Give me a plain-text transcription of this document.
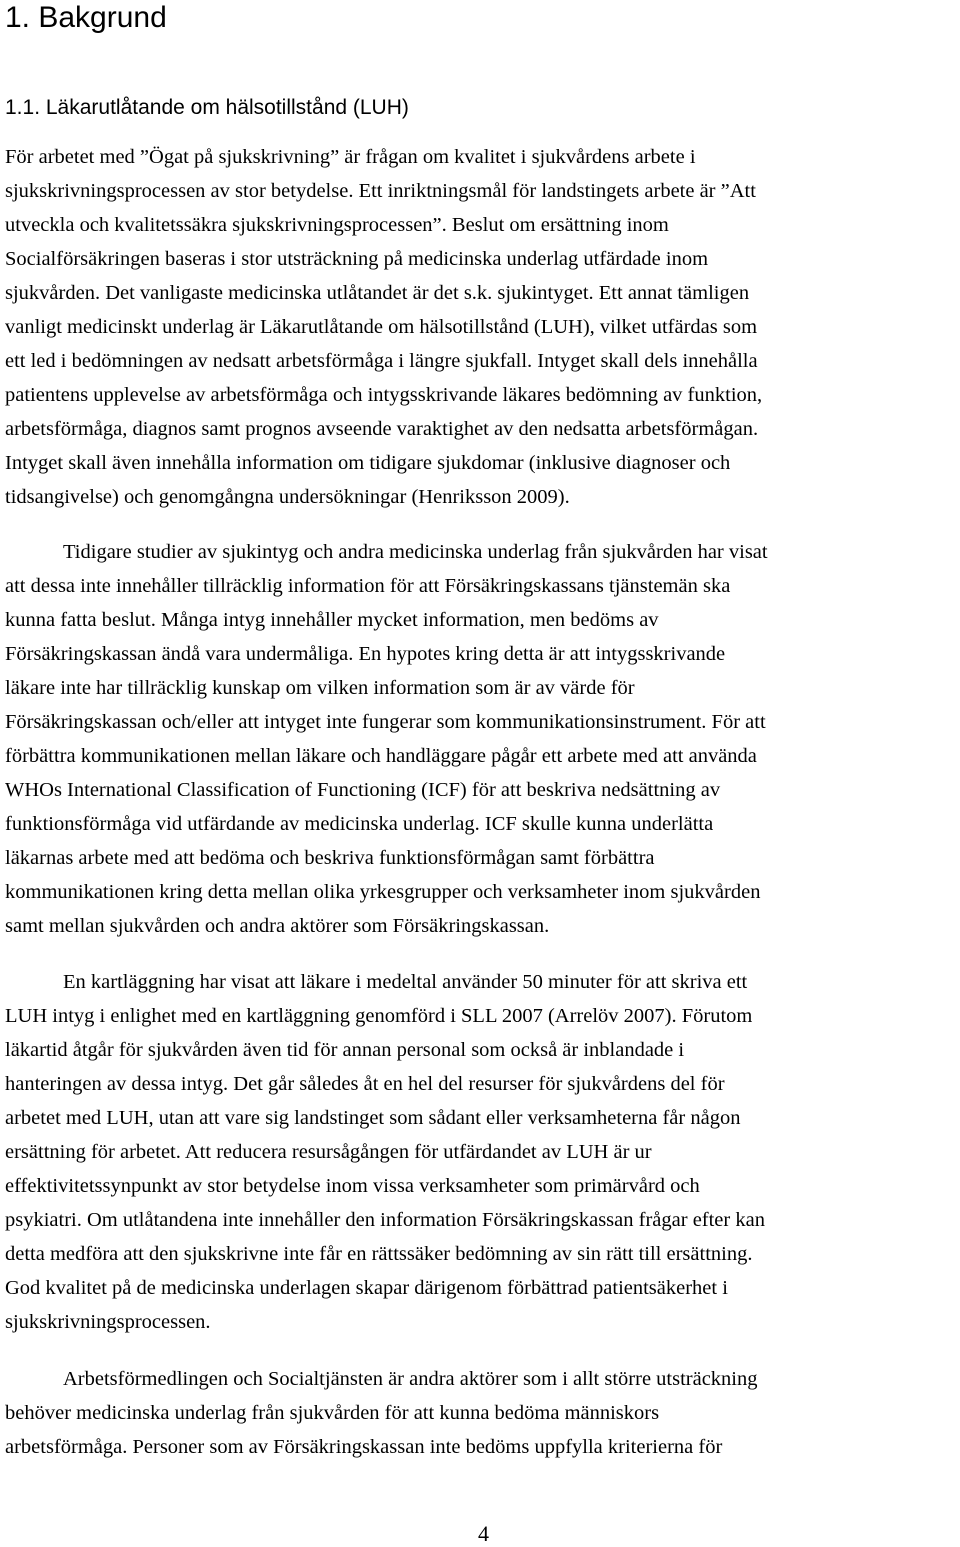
1. Bakgrund
1.1. Läkarutlåtande om hälsotillstånd (LUH)

För arbetet med ”Ögat på sjukskrivning” är frågan om kvalitet i sjukvårdens arbete i

sjukskrivningsprocessen av stor betydelse. Ett inriktningsmål för landstingets arbete är ”Att

utveckla och kvalitetssäkra sjukskrivningsprocessen”. Beslut om ersättning inom

Socialförsäkringen baseras i stor utsträckning på medicinska underlag utfärdade inom

sjukvården. Det vanligaste medicinska utlåtandet är det s.k. sjukintyget. Ett annat tämligen

vanligt medicinskt underlag är Läkarutlåtande om hälsotillstånd (LUH), vilket utfärdas som

ett led i bedömningen av nedsatt arbetsförmåga i längre sjukfall. Intyget skall dels innehålla

patientens upplevelse av arbetsförmåga och intygsskrivande läkares bedömning av funktion,

arbetsförmåga, diagnos samt prognos avseende varaktighet av den nedsatta arbetsförmågan.

Intyget skall även innehålla information om tidigare sjukdomar (inklusive diagnoser och

tidsangivelse) och genomgångna undersökningar (Henriksson 2009).

Tidigare studier av sjukintyg och andra medicinska underlag från sjukvården har visat

att dessa inte innehåller tillräcklig information för att Försäkringskassans tjänstemän ska

kunna fatta beslut. Många intyg innehåller mycket information, men bedöms av

Försäkringskassan ändå vara undermåliga. En hypotes kring detta är att intygsskrivande

läkare inte har tillräcklig kunskap om vilken information som är av värde för

Försäkringskassan och/eller att intyget inte fungerar som kommunikationsinstrument. För att

förbättra kommunikationen mellan läkare och handläggare pågår ett arbete med att använda

WHOs International Classification of Functioning (ICF) för att beskriva nedsättning av

funktionsförmåga vid utfärdande av medicinska underlag. ICF skulle kunna underlätta

läkarnas arbete med att bedöma och beskriva funktionsförmågan samt förbättra

kommunikationen kring detta mellan olika yrkesgrupper och verksamheter inom sjukvården

samt mellan sjukvården och andra aktörer som Försäkringskassan.

En kartläggning har visat att läkare i medeltal använder 50 minuter för att skriva ett

LUH intyg i enlighet med en kartläggning genomförd i SLL 2007 (Arrelöv 2007). Förutom

läkartid åtgår för sjukvården även tid för annan personal som också är inblandade i

hanteringen av dessa intyg. Det går således åt en hel del resurser för sjukvårdens del för

arbetet med LUH, utan att vare sig landstinget som sådant eller verksamheterna får någon

ersättning för arbetet. Att reducera resursågången för utfärdandet av LUH är ur

effektivitetssynpunkt av stor betydelse inom vissa verksamheter som primärvård och

psykiatri. Om utlåtandena inte innehåller den information Försäkringskassan frågar efter kan

detta medföra att den sjukskrivne inte får en rättssäker bedömning av sin rätt till ersättning.

God kvalitet på de medicinska underlagen skapar därigenom förbättrad patientsäkerhet i

sjukskrivningsprocessen.

Arbetsförmedlingen och Socialtjänsten är andra aktörer som i allt större utsträckning

behöver medicinska underlag från sjukvården för att kunna bedöma människors

arbetsförmåga. Personer som av Försäkringskassan inte bedöms uppfylla kriterierna för

4
